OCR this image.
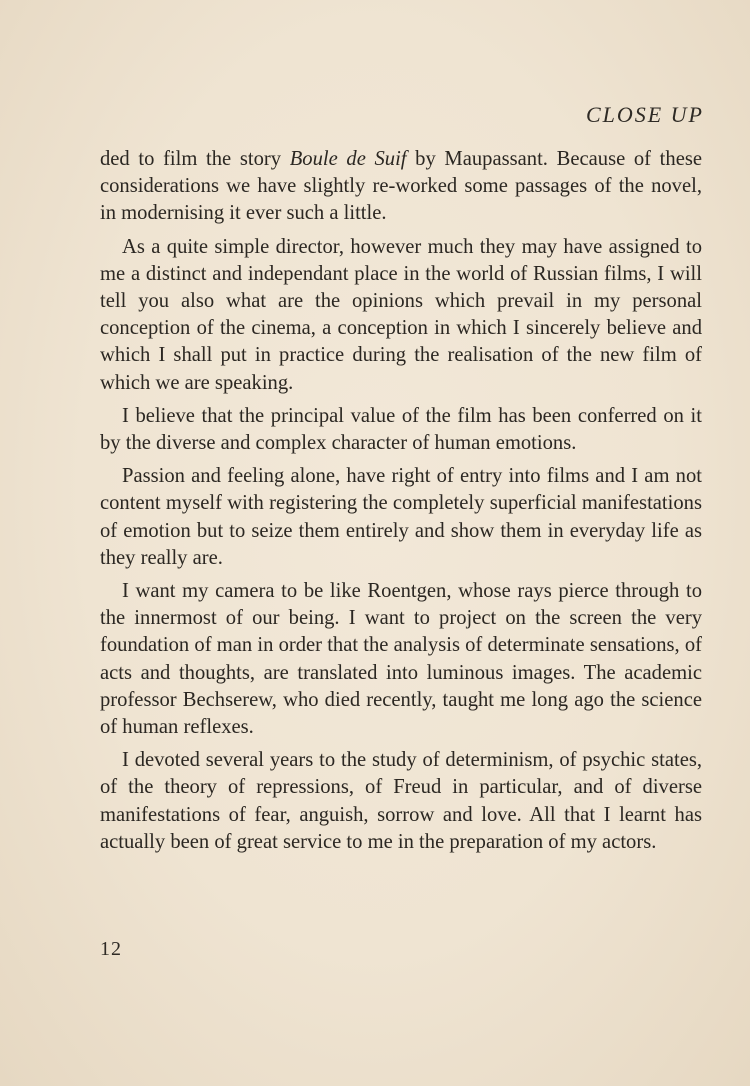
CLOSE UP

ded to film the story Boule de Suif by Maupassant. Because of these considerations we have slightly re-worked some passages of the novel, in modernising it ever such a little.

As a quite simple director, however much they may have assigned to me a distinct and independant place in the world of Russian films, I will tell you also what are the opinions which prevail in my personal conception of the cinema, a conception in which I sincerely believe and which I shall put in practice during the realisation of the new film of which we are speaking.

I believe that the principal value of the film has been conferred on it by the diverse and complex character of human emotions.

Passion and feeling alone, have right of entry into films and I am not content myself with registering the completely superficial manifestations of emotion but to seize them entirely and show them in everyday life as they really are.

I want my camera to be like Roentgen, whose rays pierce through to the innermost of our being. I want to project on the screen the very foundation of man in order that the analysis of determinate sensations, of acts and thoughts, are translated into luminous images. The academic professor Bechserew, who died recently, taught me long ago the science of human reflexes.

I devoted several years to the study of determinism, of psychic states, of the theory of repressions, of Freud in particular, and of diverse manifestations of fear, anguish, sorrow and love. All that I learnt has actually been of great service to me in the preparation of my actors.

12
